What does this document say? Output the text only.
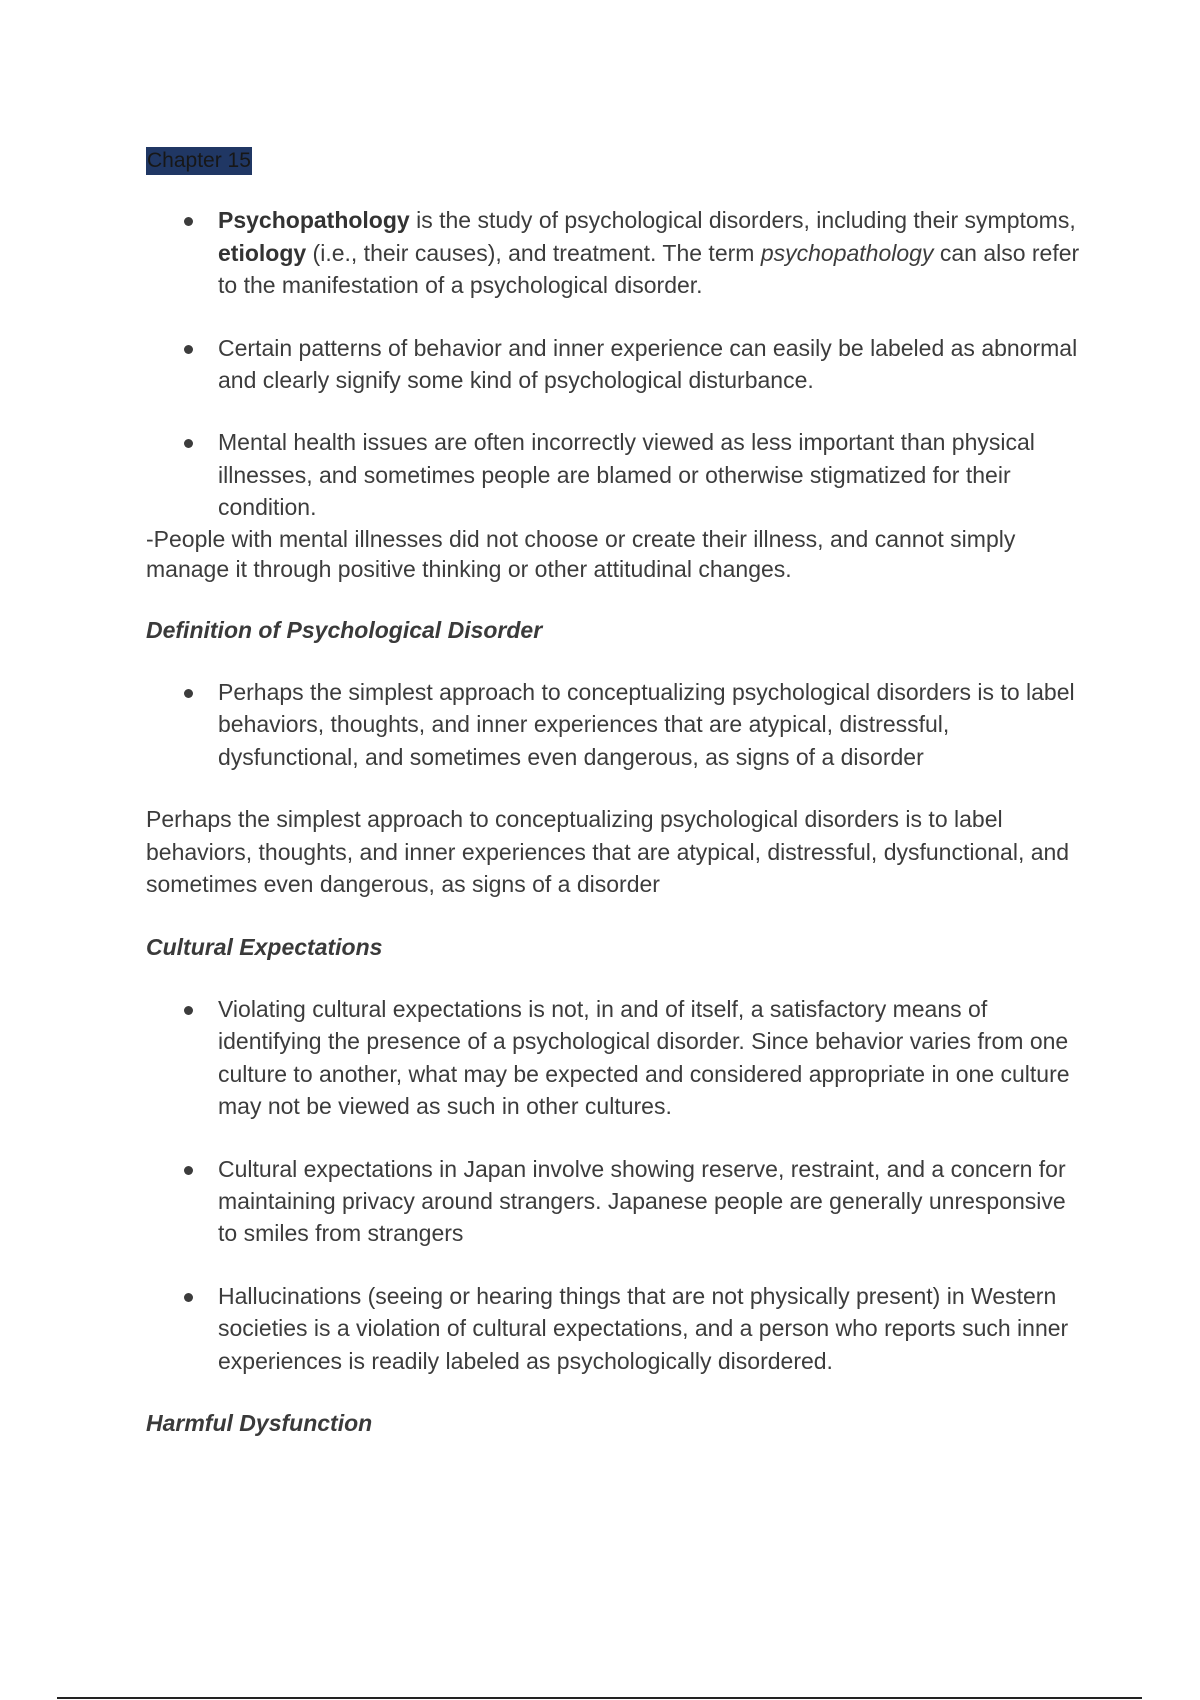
Chapter 15
Psychopathology is the study of psychological disorders, including their symptoms, etiology (i.e., their causes), and treatment. The term psychopathology can also refer to the manifestation of a psychological disorder.
Certain patterns of behavior and inner experience can easily be labeled as abnormal and clearly signify some kind of psychological disturbance.
Mental health issues are often incorrectly viewed as less important than physical illnesses, and sometimes people are blamed or otherwise stigmatized for their condition.

-People with mental illnesses did not choose or create their illness, and cannot simply manage it through positive thinking or other attitudinal changes.

Definition of Psychological Disorder

Perhaps the simplest approach to conceptualizing psychological disorders is to label behaviors, thoughts, and inner experiences that are atypical, distressful, dysfunctional, and sometimes even dangerous, as signs of a disorder

Perhaps the simplest approach to conceptualizing psychological disorders is to label behaviors, thoughts, and inner experiences that are atypical, distressful, dysfunctional, and sometimes even dangerous, as signs of a disorder

Cultural Expectations

Violating cultural expectations is not, in and of itself, a satisfactory means of identifying the presence of a psychological disorder. Since behavior varies from one culture to another, what may be expected and considered appropriate in one culture may not be viewed as such in other cultures.
Cultural expectations in Japan involve showing reserve, restraint, and a concern for maintaining privacy around strangers. Japanese people are generally unresponsive to smiles from strangers
Hallucinations (seeing or hearing things that are not physically present) in Western societies is a violation of cultural expectations, and a person who reports such inner experiences is readily labeled as psychologically disordered.

Harmful Dysfunction
